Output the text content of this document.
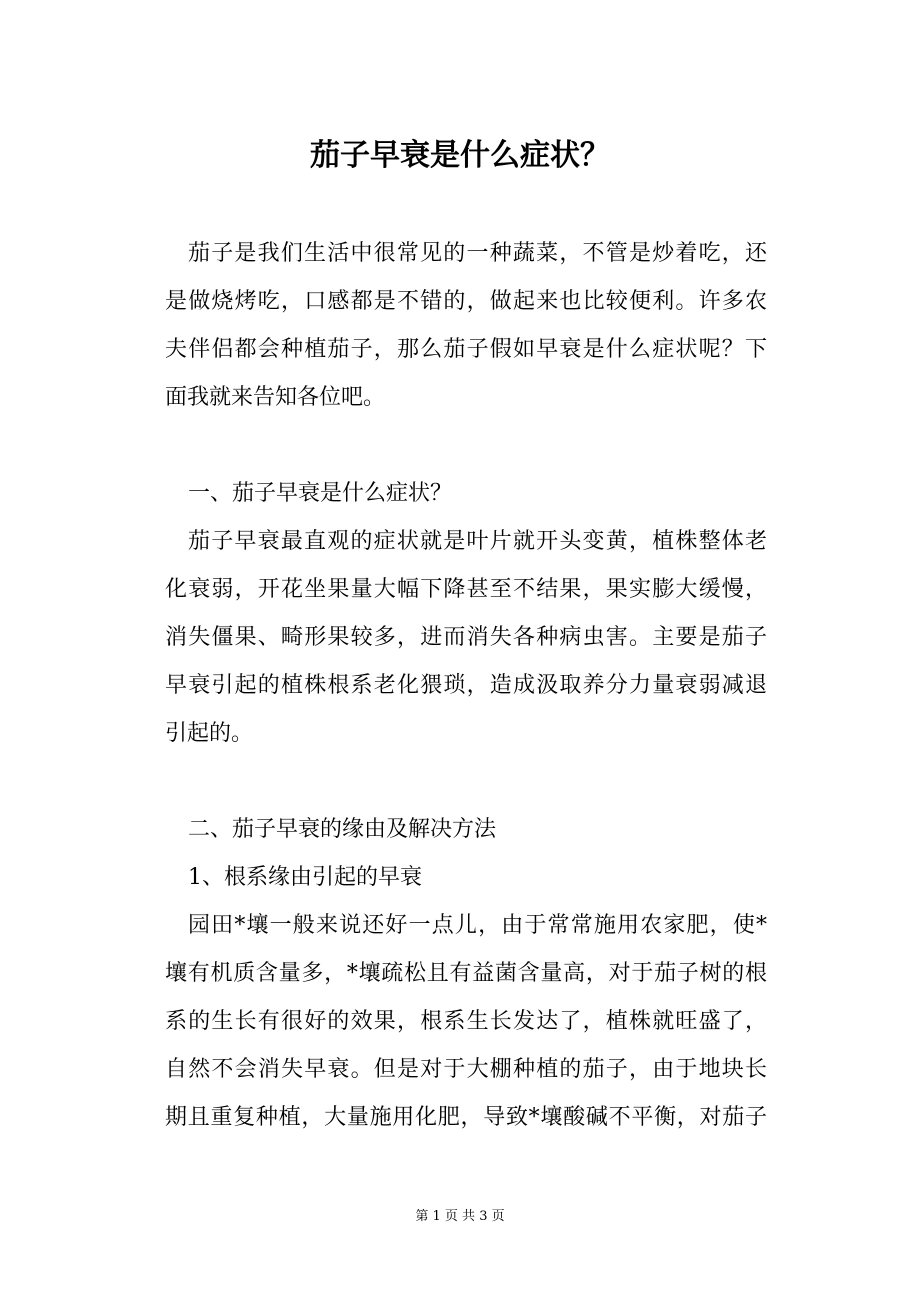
茄子早衰是什么症状？

茄子是我们生活中很常见的一种蔬菜，不管是炒着吃，还

是做烧烤吃，口感都是不错的，做起来也比较便利。许多农

夫伴侣都会种植茄子，那么茄子假如早衰是什么症状呢？下

面我就来告知各位吧。

一、茄子早衰是什么症状？

茄子早衰最直观的症状就是叶片就开头变黄，植株整体老

化衰弱，开花坐果量大幅下降甚至不结果，果实膨大缓慢，

消失僵果、畸形果较多，进而消失各种病虫害。主要是茄子

早衰引起的植株根系老化猥琐，造成汲取养分力量衰弱减退

引起的。

二、茄子早衰的缘由及解决方法

1、根系缘由引起的早衰

园田*壤一般来说还好一点儿，由于常常施用农家肥，使*

壤有机质含量多，*壤疏松且有益菌含量高，对于茄子树的根

系的生长有很好的效果，根系生长发达了，植株就旺盛了，

自然不会消失早衰。但是对于大棚种植的茄子，由于地块长

期且重复种植，大量施用化肥，导致*壤酸碱不平衡，对茄子

第 1 页 共 3 页
